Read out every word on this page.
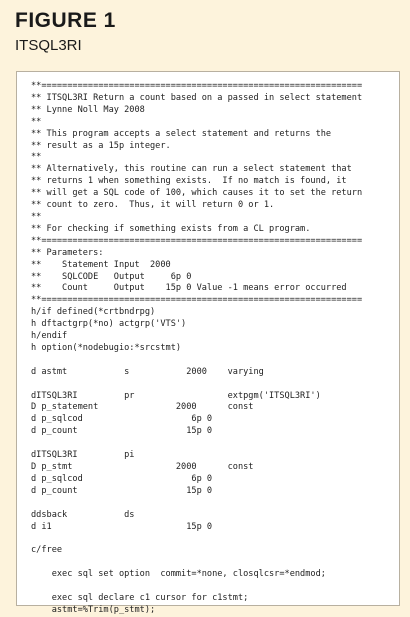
FIGURE 1
ITSQL3RI
**==============================================================
** ITSQL3RI Return a count based on a passed in select statement
** Lynne Noll May 2008
**
** This program accepts a select statement and returns the
** result as a 15p integer.
**
** Alternatively, this routine can run a select statement that
** returns 1 when something exists.  If no match is found, it
** will get a SQL code of 100, which causes it to set the return
** count to zero.  Thus, it will return 0 or 1.
**
** For checking if something exists from a CL program.
**==============================================================
** Parameters:
**    Statement Input  2000
**    SQLCODE   Output     6p 0
**    Count     Output    15p 0 Value -1 means error occurred
**==============================================================
h/if defined(*crtbndrpg)
h dftactgrp(*no) actgrp('VTS')
h/endif
h option(*nodebugio:*srcstmt)

d astmt           s           2000    varying

dITSQL3RI         pr                  extpgm('ITSQL3RI')
D p_statement               2000      const
d p_sqlcod                     6p 0
d p_count                     15p 0

dITSQL3RI         pi
D p_stmt                    2000      const
d p_sqlcod                     6p 0
d p_count                     15p 0

ddsback           ds
d i1                          15p 0

c/free

exec sql set option  commit=*none, closqlcsr=*endmod;

exec sql declare c1 cursor for c1stmt;
astmt=%Trim(p_stmt);
